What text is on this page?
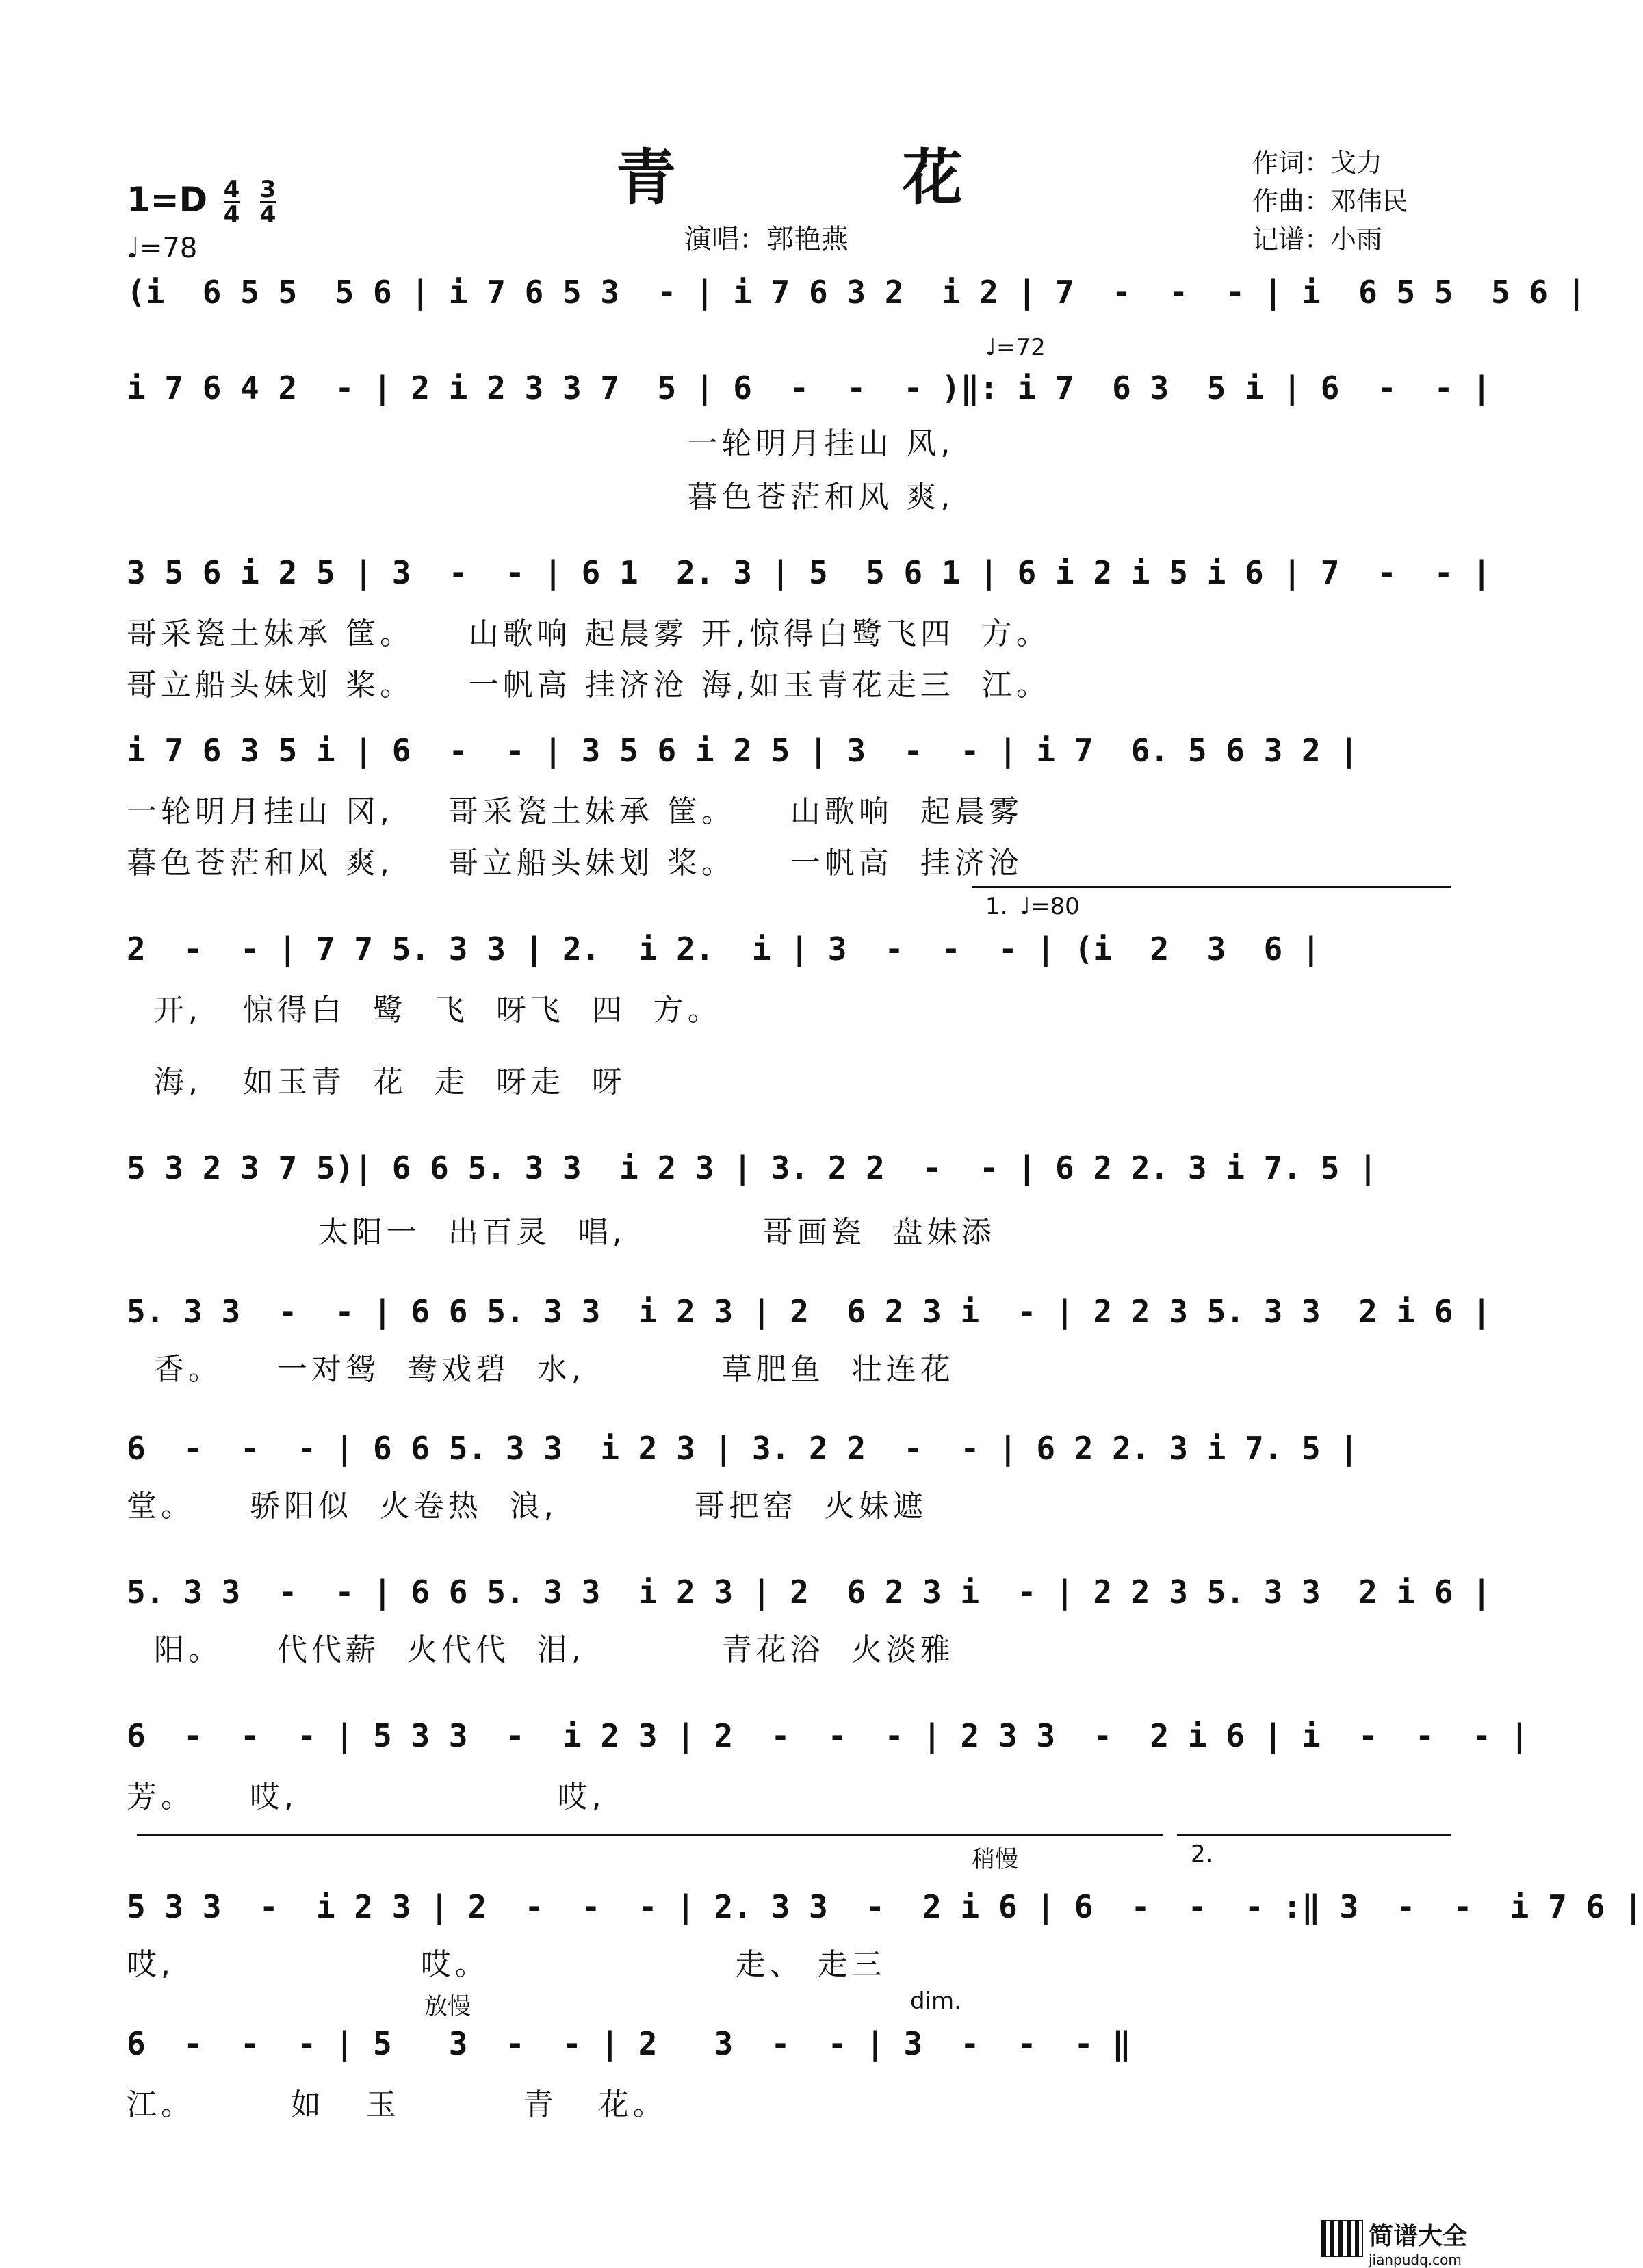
青 花
演唱：郭艳燕
作词：戈力
作曲：邓伟民
记谱：小雨
$1=D \frac{4}{4}$
$\frac{3}{4}$
♩=78
(i  6 5 5  5 6 | i 7 6 5 3  - | i 7 6 3 2  i 2 | 7  -  -  - | i  6 5 5  5 6 |
♩=72
i 7 6 4 2  - | 2 i 2 3 3 7  5 | 6  -  -  - )‖: i 7  6 3  5 i | 6  -  - |
一轮明月挂山 风,
暮色苍茫和风 爽,
3 5 6 i 2 5 | 3  -  - | 6 1  2. 3 | 5  5 6 1 | 6 i 2 i 5 i 6 | 7  -  - |
哥采瓷土妹承 筐。    山歌响 起晨雾 开,惊得白鹭飞四  方。
哥立船头妹划 桨。    一帆高 挂济沧 海,如玉青花走三  江。
i 7 6 3 5 i | 6  -  - | 3 5 6 i 2 5 | 3  -  - | i 7  6. 5 6 3 2 |
一轮明月挂山 冈,    哥采瓷土妹承 筐。    山歌响  起晨雾
暮色苍茫和风 爽,    哥立船头妹划 桨。    一帆高  挂济沧
1. ♩=80
2  -  - | 7 7 5. 3 3 | 2.  i 2.  i | 3  -  -  - | (i  2  3  6 |
开,   惊得白  鹭  飞  呀飞  四  方。
海,   如玉青  花  走  呀走  呀
5 3 2 3 7 5)| 6 6 5. 3 3  i 2 3 | 3. 2 2  -  - | 6 2 2. 3 i 7. 5 |
太阳一  出百灵  唱,          哥画瓷  盘妹添
5. 3 3  -  - | 6 6 5. 3 3  i 2 3 | 2  6 2 3 i  - | 2 2 3 5. 3 3  2 i 6 |
香。    一对鸳  鸯戏碧  水,          草肥鱼  壮连花
6  -  -  - | 6 6 5. 3 3  i 2 3 | 3. 2 2  -  - | 6 2 2. 3 i 7. 5 |
堂。    骄阳似  火卷热  浪,          哥把窑  火妹遮
5. 3 3  -  - | 6 6 5. 3 3  i 2 3 | 2  6 2 3 i  - | 2 2 3 5. 3 3  2 i 6 |
阳。    代代薪  火代代  泪,          青花浴  火淡雅
6  -  -  - | 5 3 3  -  i 2 3 | 2  -  -  - | 2 3 3  -  2 i 6 | i  -  -  - |
芳。    哎,                   哎,
稍慢	2.
5 3 3  -  i 2 3 | 2  -  -  - | 2. 3 3  -  2 i 6 | 6  -  -  - :‖ 3  -  -  i 7 6 |
哎,                  哎。                  走、 走三
放慢	dim.
6  -  -  - | 5   3  -  - | 2   3  -  - | 3  -  -  - ‖
江。       如   玉         青   花。
简谱大全
jianpudq.com
